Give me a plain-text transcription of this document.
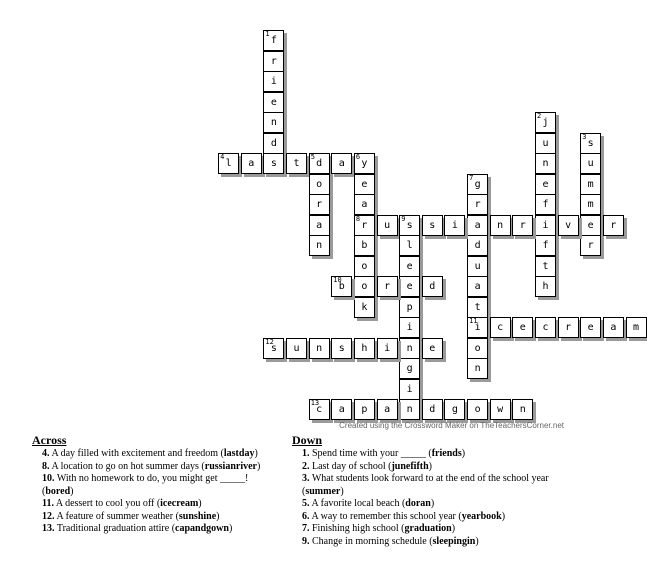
f
1
r
i
e
n
d
j
2
u
n
e
f
i
f
t
h
s
3
u
m
m
e
r
l
4
a	s	t	d
5
a	y
6
o
r
a
n
e
a
r
8
b
o
o
k
g
7
r
a
d
u
a
t
i
11
o
n
u	s
9
s	i	n	r	v	r
l
e
e
p
i
n
g
i
n
b
10
r	d
c	e	c	r	e	a	m
s
12
u	n	s	h	i	e
c
13
a	p	a	d	g	o	w	n
Created using the Crossword Maker on TheTeachersCorner.net
Across
4. A day filled with excitement and freedom (lastday)
8. A location to go on hot summer days (russianriver)
10. With no homework to do, you might get _____! (bored)
11. A dessert to cool you off (icecream)
12. A feature of summer weather (sunshine)
13. Traditional graduation attire (capandgown)
Down
1. Spend time with your _____ (friends)
2. Last day of school (junefifth)
3. What students look forward to at the end of the school year (summer)
5. A favorite local beach (doran)
6. A way to remember this school year (yearbook)
7. Finishing high school (graduation)
9. Change in morning schedule (sleepingin)
